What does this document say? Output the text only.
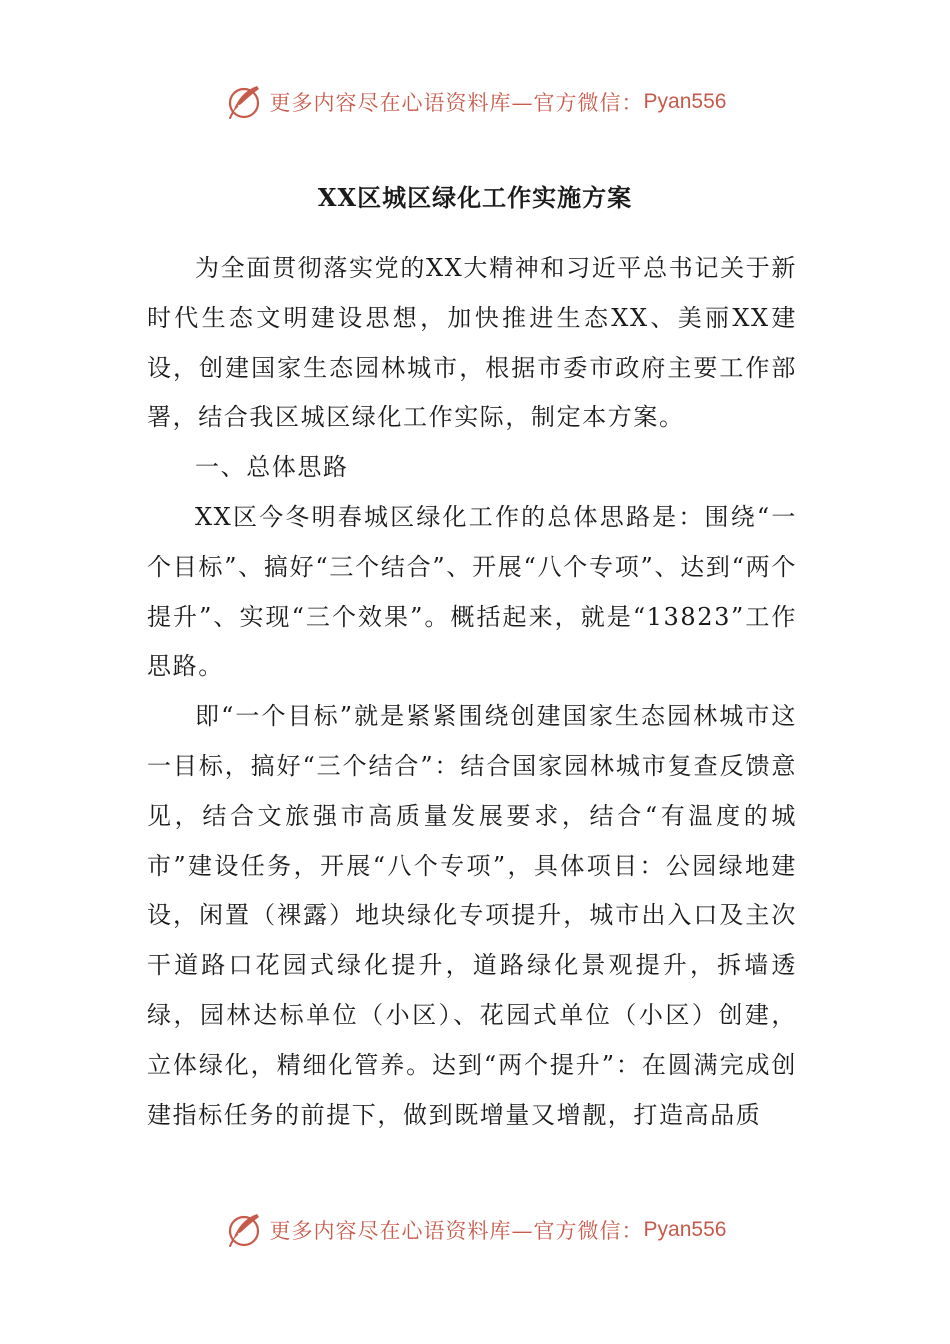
更多内容尽在心语资料库—官方微信： Pyan556
XX区城区绿化工作实施方案

为全面贯彻落实党的XX大精神和习近平总书记关于新时代生态文明建设思想，加快推进生态XX、美丽XX建设，创建国家生态园林城市，根据市委市政府主要工作部署，结合我区城区绿化工作实际，制定本方案。

一、总体思路

XX区今冬明春城区绿化工作的总体思路是：围绕“一个目标”、搞好“三个结合”、开展“八个专项”、达到“两个提升”、实现“三个效果”。概括起来，就是“13823”工作思路。

即“一个目标”就是紧紧围绕创建国家生态园林城市这一目标，搞好“三个结合”：结合国家园林城市复查反馈意见，结合文旅强市高质量发展要求，结合“有温度的城市”建设任务，开展“八个专项”，具体项目：公园绿地建设，闲置（裸露）地块绿化专项提升，城市出入口及主次干道路口花园式绿化提升，道路绿化景观提升，拆墙透绿，园林达标单位（小区）、花园式单位（小区）创建，立体绿化，精细化管养。达到“两个提升”：在圆满完成创建指标任务的前提下，做到既增量又增靓，打造高品质

更多内容尽在心语资料库—官方微信： Pyan556
